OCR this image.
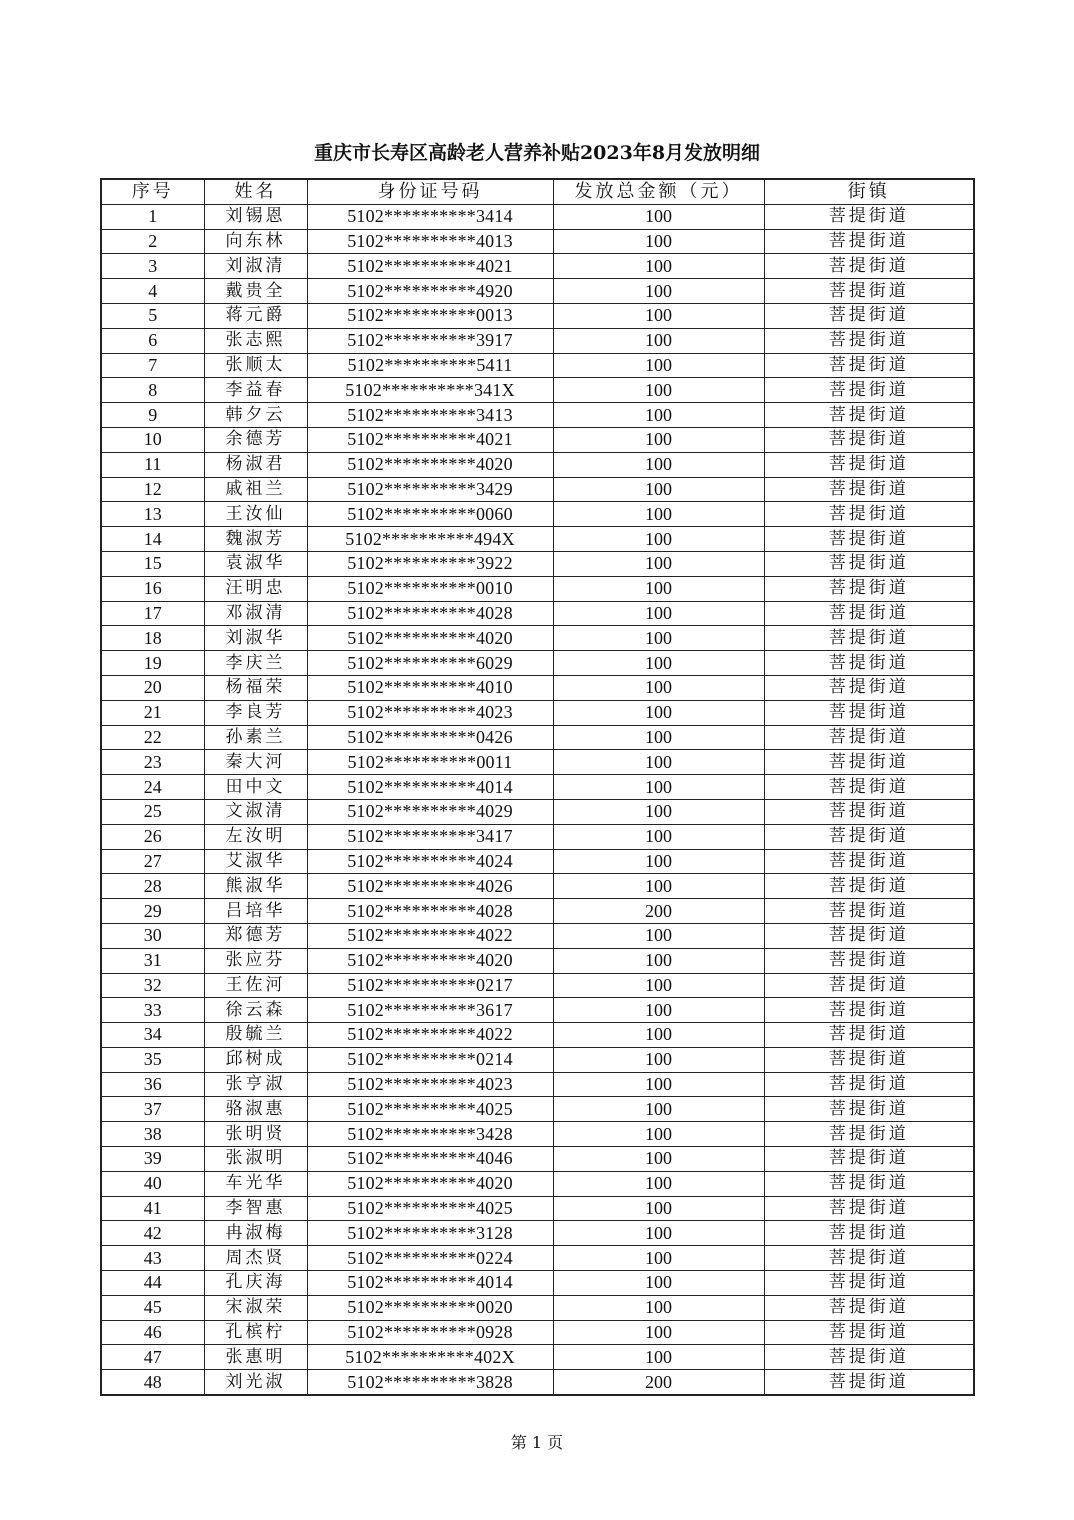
重庆市长寿区高龄老人营养补贴2023年8月发放明细
序号	姓名	身份证号码	发放总金额（元）	街镇
1	刘锡恩	5102**********3414	100	菩提街道
2	向东林	5102**********4013	100	菩提街道
3	刘淑清	5102**********4021	100	菩提街道
4	戴贵全	5102**********4920	100	菩提街道
5	蒋元爵	5102**********0013	100	菩提街道
6	张志熙	5102**********3917	100	菩提街道
7	张顺太	5102**********5411	100	菩提街道
8	李益春	5102**********341X	100	菩提街道
9	韩夕云	5102**********3413	100	菩提街道
10	余德芳	5102**********4021	100	菩提街道
11	杨淑君	5102**********4020	100	菩提街道
12	戚祖兰	5102**********3429	100	菩提街道
13	王汝仙	5102**********0060	100	菩提街道
14	魏淑芳	5102**********494X	100	菩提街道
15	袁淑华	5102**********3922	100	菩提街道
16	汪明忠	5102**********0010	100	菩提街道
17	邓淑清	5102**********4028	100	菩提街道
18	刘淑华	5102**********4020	100	菩提街道
19	李庆兰	5102**********6029	100	菩提街道
20	杨福荣	5102**********4010	100	菩提街道
21	李良芳	5102**********4023	100	菩提街道
22	孙素兰	5102**********0426	100	菩提街道
23	秦大河	5102**********0011	100	菩提街道
24	田中文	5102**********4014	100	菩提街道
25	文淑清	5102**********4029	100	菩提街道
26	左汝明	5102**********3417	100	菩提街道
27	艾淑华	5102**********4024	100	菩提街道
28	熊淑华	5102**********4026	100	菩提街道
29	吕培华	5102**********4028	200	菩提街道
30	郑德芳	5102**********4022	100	菩提街道
31	张应芬	5102**********4020	100	菩提街道
32	王佐河	5102**********0217	100	菩提街道
33	徐云森	5102**********3617	100	菩提街道
34	殷毓兰	5102**********4022	100	菩提街道
35	邱树成	5102**********0214	100	菩提街道
36	张亨淑	5102**********4023	100	菩提街道
37	骆淑惠	5102**********4025	100	菩提街道
38	张明贤	5102**********3428	100	菩提街道
39	张淑明	5102**********4046	100	菩提街道
40	车光华	5102**********4020	100	菩提街道
41	李智惠	5102**********4025	100	菩提街道
42	冉淑梅	5102**********3128	100	菩提街道
43	周杰贤	5102**********0224	100	菩提街道
44	孔庆海	5102**********4014	100	菩提街道
45	宋淑荣	5102**********0020	100	菩提街道
46	孔槟柠	5102**********0928	100	菩提街道
47	张惠明	5102**********402X	100	菩提街道
48	刘光淑	5102**********3828	200	菩提街道
第 1 页
